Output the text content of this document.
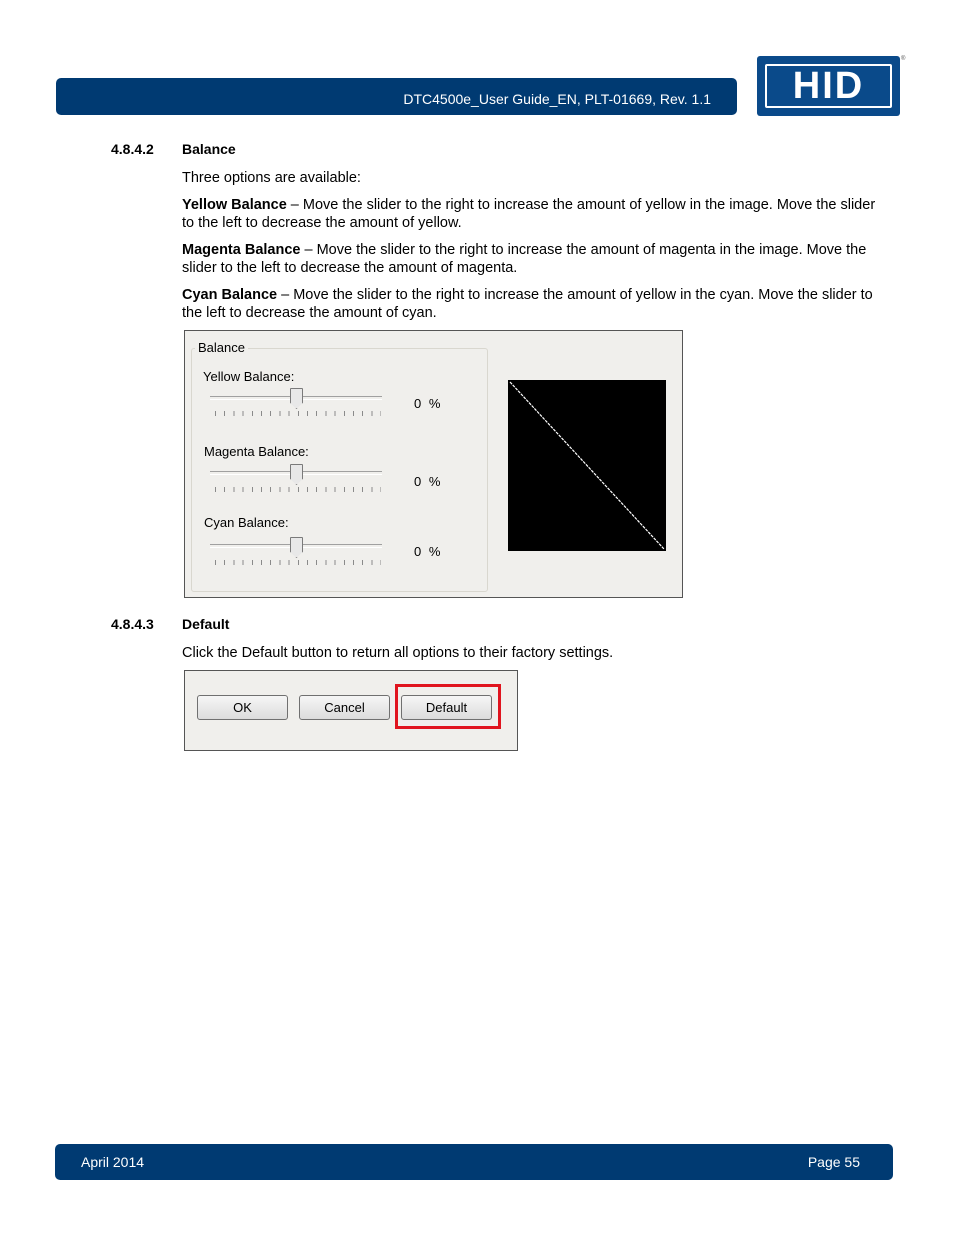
DTC4500e_User Guide_EN, PLT-01669, Rev. 1.1	HID
®
4.8.4.2 Balance
Three options are available:
Yellow Balance – Move the slider to the right to increase the amount of yellow in the image. Move the slider to the left to decrease the amount of yellow.
Magenta Balance – Move the slider to the right to increase the amount of magenta in the image. Move the slider to the left to decrease the amount of magenta.
Cyan Balance – Move the slider to the right to increase the amount of yellow in the cyan. Move the slider to the left to decrease the amount of cyan.
Balance
Yellow Balance:
0 %
Magenta Balance:
0 %
Cyan Balance:
0 %
4.8.4.3 Default
Click the Default button to return all options to their factory settings.
OK	Cancel	Default
April 2014	Page 55
